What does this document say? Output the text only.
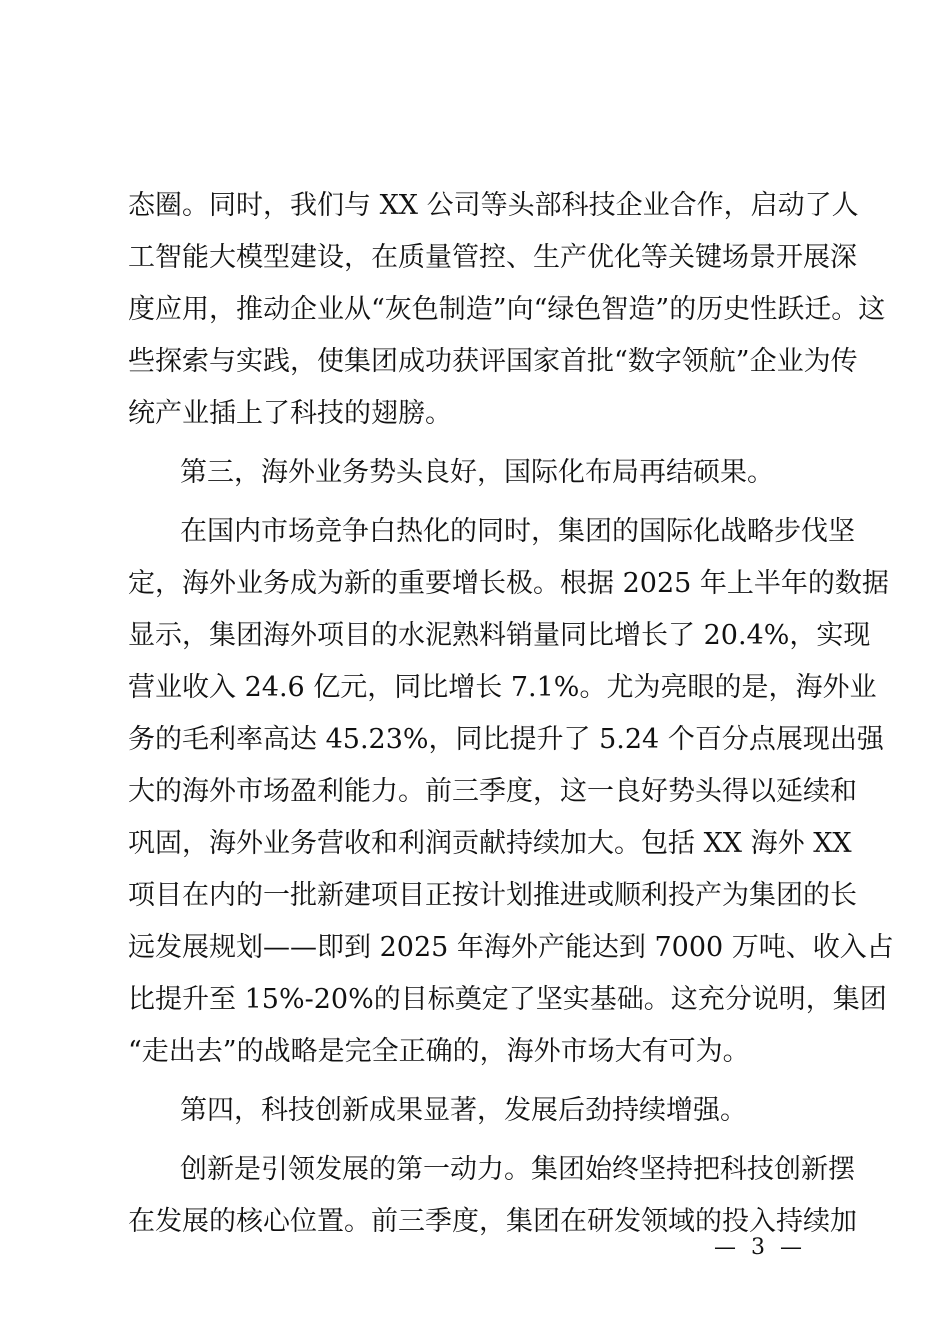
态圈。同时，我们与 XX 公司等头部科技企业合作，启动了人
工智能大模型建设，在质量管控、生产优化等关键场景开展深
度应用，推动企业从“灰色制造”向“绿色智造”的历史性跃迁。这
些探索与实践，使集团成功获评国家首批“数字领航”企业为传
统产业插上了科技的翅膀。
第三，海外业务势头良好，国际化布局再结硕果。
在国内市场竞争白热化的同时，集团的国际化战略步伐坚
定，海外业务成为新的重要增长极。根据 2025 年上半年的数据
显示，集团海外项目的水泥熟料销量同比增长了 20.4%，实现
营业收入 24.6 亿元，同比增长 7.1%。尤为亮眼的是，海外业
务的毛利率高达 45.23%，同比提升了 5.24 个百分点展现出强
大的海外市场盈利能力。前三季度，这一良好势头得以延续和
巩固，海外业务营收和利润贡献持续加大。包括 XX 海外 XX
项目在内的一批新建项目正按计划推进或顺利投产为集团的长
远发展规划——即到 2025 年海外产能达到 7000 万吨、收入占
比提升至 15%-20%的目标奠定了坚实基础。这充分说明，集团
“走出去”的战略是完全正确的，海外市场大有可为。
第四，科技创新成果显著，发展后劲持续增强。
创新是引领发展的第一动力。集团始终坚持把科技创新摆
在发展的核心位置。前三季度，集团在研发领域的投入持续加
— 3 —
